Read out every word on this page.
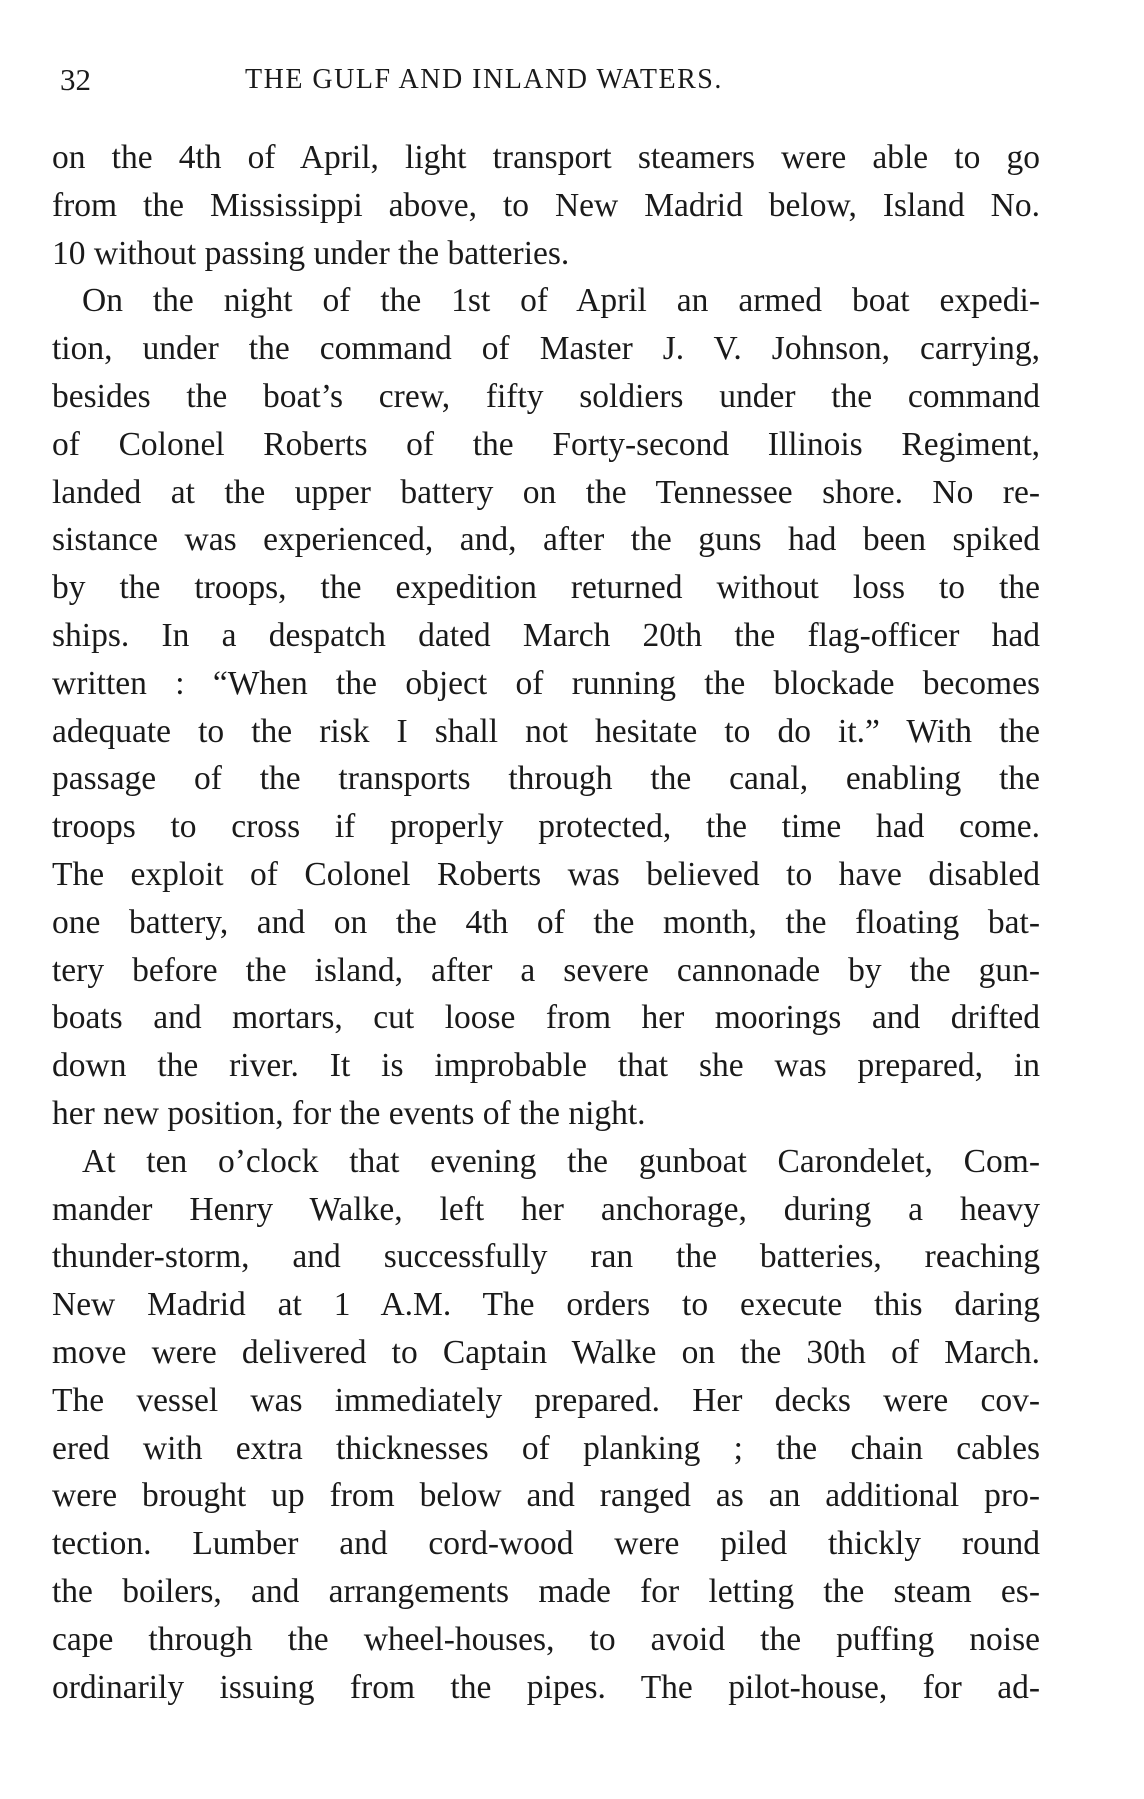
32	THE GULF AND INLAND WATERS.
on the 4th of April, light transport steamers were able to go
from the Mississippi above, to New Madrid below, Island No.
10 without passing under the batteries.
On the night of the 1st of April an armed boat expedi-
tion, under the command of Master J. V. Johnson, carrying,
besides the boat’s crew, fifty soldiers under the command
of Colonel Roberts of the Forty-second Illinois Regiment,
landed at the upper battery on the Tennessee shore. No re-
sistance was experienced, and, after the guns had been spiked
by the troops, the expedition returned without loss to the
ships. In a despatch dated March 20th the flag-officer had
written : “When the object of running the blockade becomes
adequate to the risk I shall not hesitate to do it.” With the
passage of the transports through the canal, enabling the
troops to cross if properly protected, the time had come.
The exploit of Colonel Roberts was believed to have disabled
one battery, and on the 4th of the month, the floating bat-
tery before the island, after a severe cannonade by the gun-
boats and mortars, cut loose from her moorings and drifted
down the river. It is improbable that she was prepared, in
her new position, for the events of the night.
At ten o’clock that evening the gunboat Carondelet, Com-
mander Henry Walke, left her anchorage, during a heavy
thunder-storm, and successfully ran the batteries, reaching
New Madrid at 1 A.M. The orders to execute this daring
move were delivered to Captain Walke on the 30th of March.
The vessel was immediately prepared. Her decks were cov-
ered with extra thicknesses of planking ; the chain cables
were brought up from below and ranged as an additional pro-
tection. Lumber and cord-wood were piled thickly round
the boilers, and arrangements made for letting the steam es-
cape through the wheel-houses, to avoid the puffing noise
ordinarily issuing from the pipes. The pilot-house, for ad-
